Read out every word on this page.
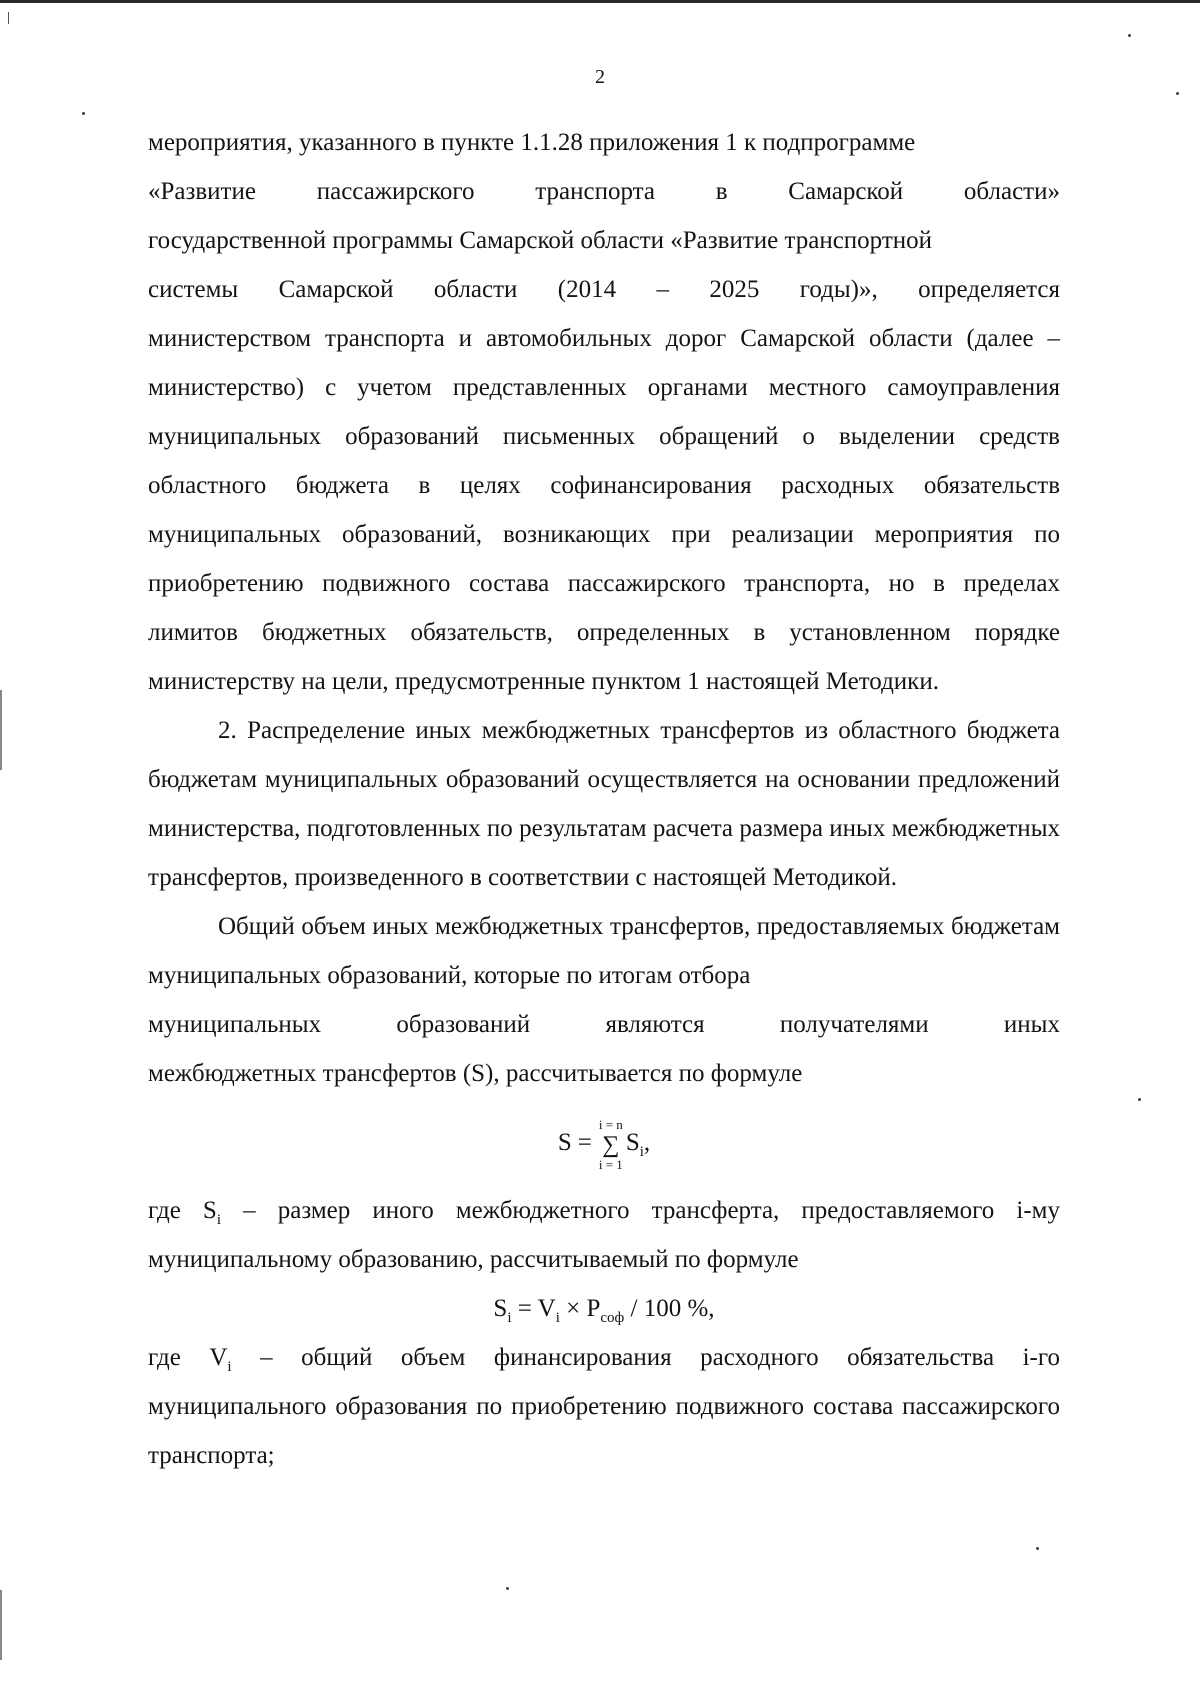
2

мероприятия, указанного в пункте 1.1.28 приложения 1 к подпрограмме

«Развитие пассажирского транспорта в Самарской области»

государственной программы Самарской области «Развитие транспортной

системы Самарской области (2014 – 2025 годы)», определяется

министерством транспорта и автомобильных дорог Самарской области (далее – министерство) с учетом представленных органами местного самоуправления муниципальных образований письменных обращений о выделении средств областного бюджета в целях софинансирования расходных обязательств муниципальных образований, возникающих при реализации мероприятия по приобретению подвижного состава пассажирского транспорта, но в пределах лимитов бюджетных обязательств, определенных в установленном порядке министерству на цели, предусмотренные пунктом 1 настоящей Методики.

2. Распределение иных межбюджетных трансфертов из областного бюджета бюджетам муниципальных образований осуществляется на основании предложений министерства, подготовленных по результатам расчета размера иных межбюджетных трансфертов, произведенного в соответствии с настоящей Методикой.

Общий объем иных межбюджетных трансфертов, предоставляемых бюджетам муниципальных образований, которые по итогам отбора

муниципальных	образований	являются	получателями	иных

межбюджетных трансфертов (S), рассчитывается по формуле

S =
i = n
∑
i = 1
$S_i$,

где $S_i$ – размер иного межбюджетного трансферта, предоставляемого i-му муниципальному образованию, рассчитываемый по формуле

$S_i = V_i \times P_{соф} / 100$ %,

где $V_i$ – общий объем финансирования расходного обязательства i-го муниципального образования по приобретению подвижного состава пассажирского транспорта;
